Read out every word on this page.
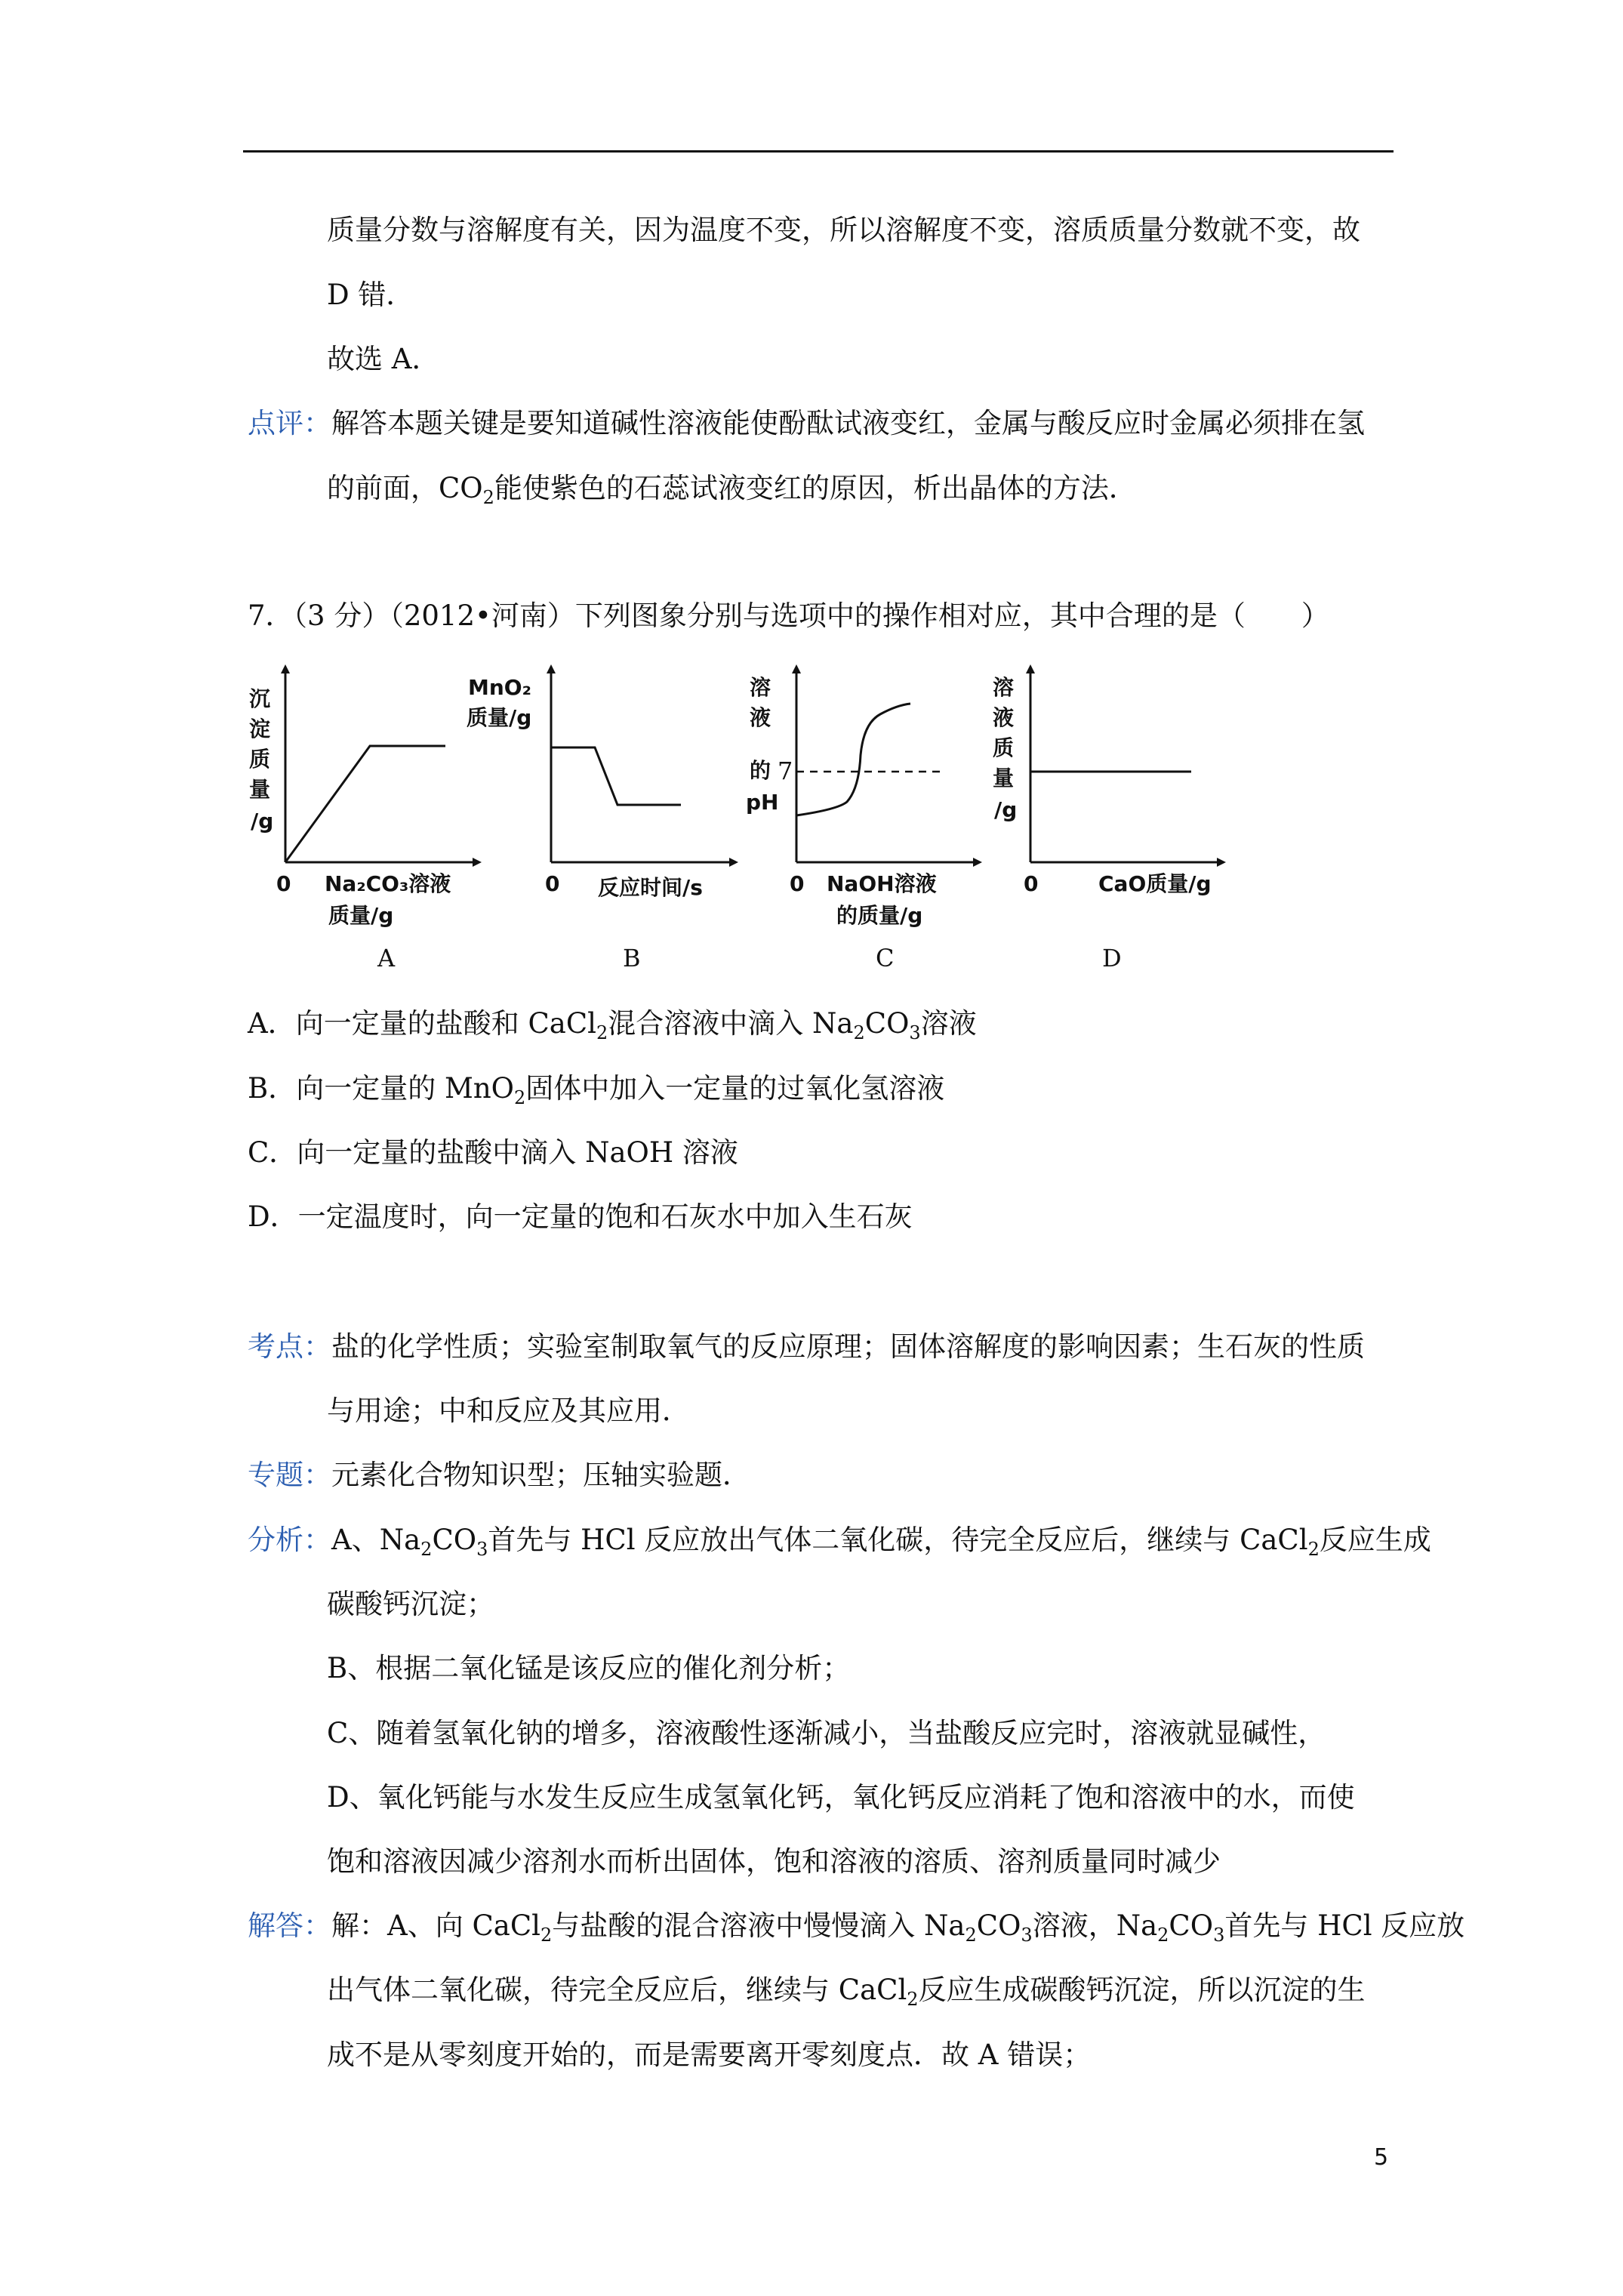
质量分数与溶解度有关，因为温度不变，所以溶解度不变，溶质质量分数就不变，故
D 错．
故选 A．
点评：解答本题关键是要知道碱性溶液能使酚酞试液变红，金属与酸反应时金属必须排在氢
的前面，$CO_2$能使紫色的石蕊试液变红的原因，析出晶体的方法．
7．（3 分）（2012•河南）下列图象分别与选项中的操作相对应，其中合理的是（　　）
沉
淀
质
量
/g
0 Na₂CO₃溶液
质量/g
A
MnO₂
质量/g
0 反应时间/s
B
溶
液
的
pH
7
0 NaOH溶液
的质量/g
C
溶
液
质
量
/g
0	CaO质量/g
D
A．向一定量的盐酸和 CaCl$_2$混合溶液中滴入 $Na_2CO_3$溶液
B．向一定量的 MnO$_2$固体中加入一定量的过氧化氢溶液
C．向一定量的盐酸中滴入 NaOH 溶液
D．一定温度时，向一定量的饱和石灰水中加入生石灰
考点：盐的化学性质；实验室制取氧气的反应原理；固体溶解度的影响因素；生石灰的性质
与用途；中和反应及其应用．
专题：元素化合物知识型；压轴实验题．
分析：A、$Na_2CO_3$首先与 HCl 反应放出气体二氧化碳，待完全反应后，继续与 CaCl$_2$反应生成
碳酸钙沉淀；
B、根据二氧化锰是该反应的催化剂分析；
C、随着氢氧化钠的增多，溶液酸性逐渐减小，当盐酸反应完时，溶液就显碱性，
D、氧化钙能与水发生反应生成氢氧化钙，氧化钙反应消耗了饱和溶液中的水，而使
饱和溶液因减少溶剂水而析出固体，饱和溶液的溶质、溶剂质量同时减少
解答：解：A、向 CaCl$_2$与盐酸的混合溶液中慢慢滴入 $Na_2CO_3$溶液，$Na_2CO_3$首先与 HCl 反应放
出气体二氧化碳，待完全反应后，继续与 CaCl$_2$反应生成碳酸钙沉淀，所以沉淀的生
成不是从零刻度开始的，而是需要离开零刻度点．故 A 错误；
5
